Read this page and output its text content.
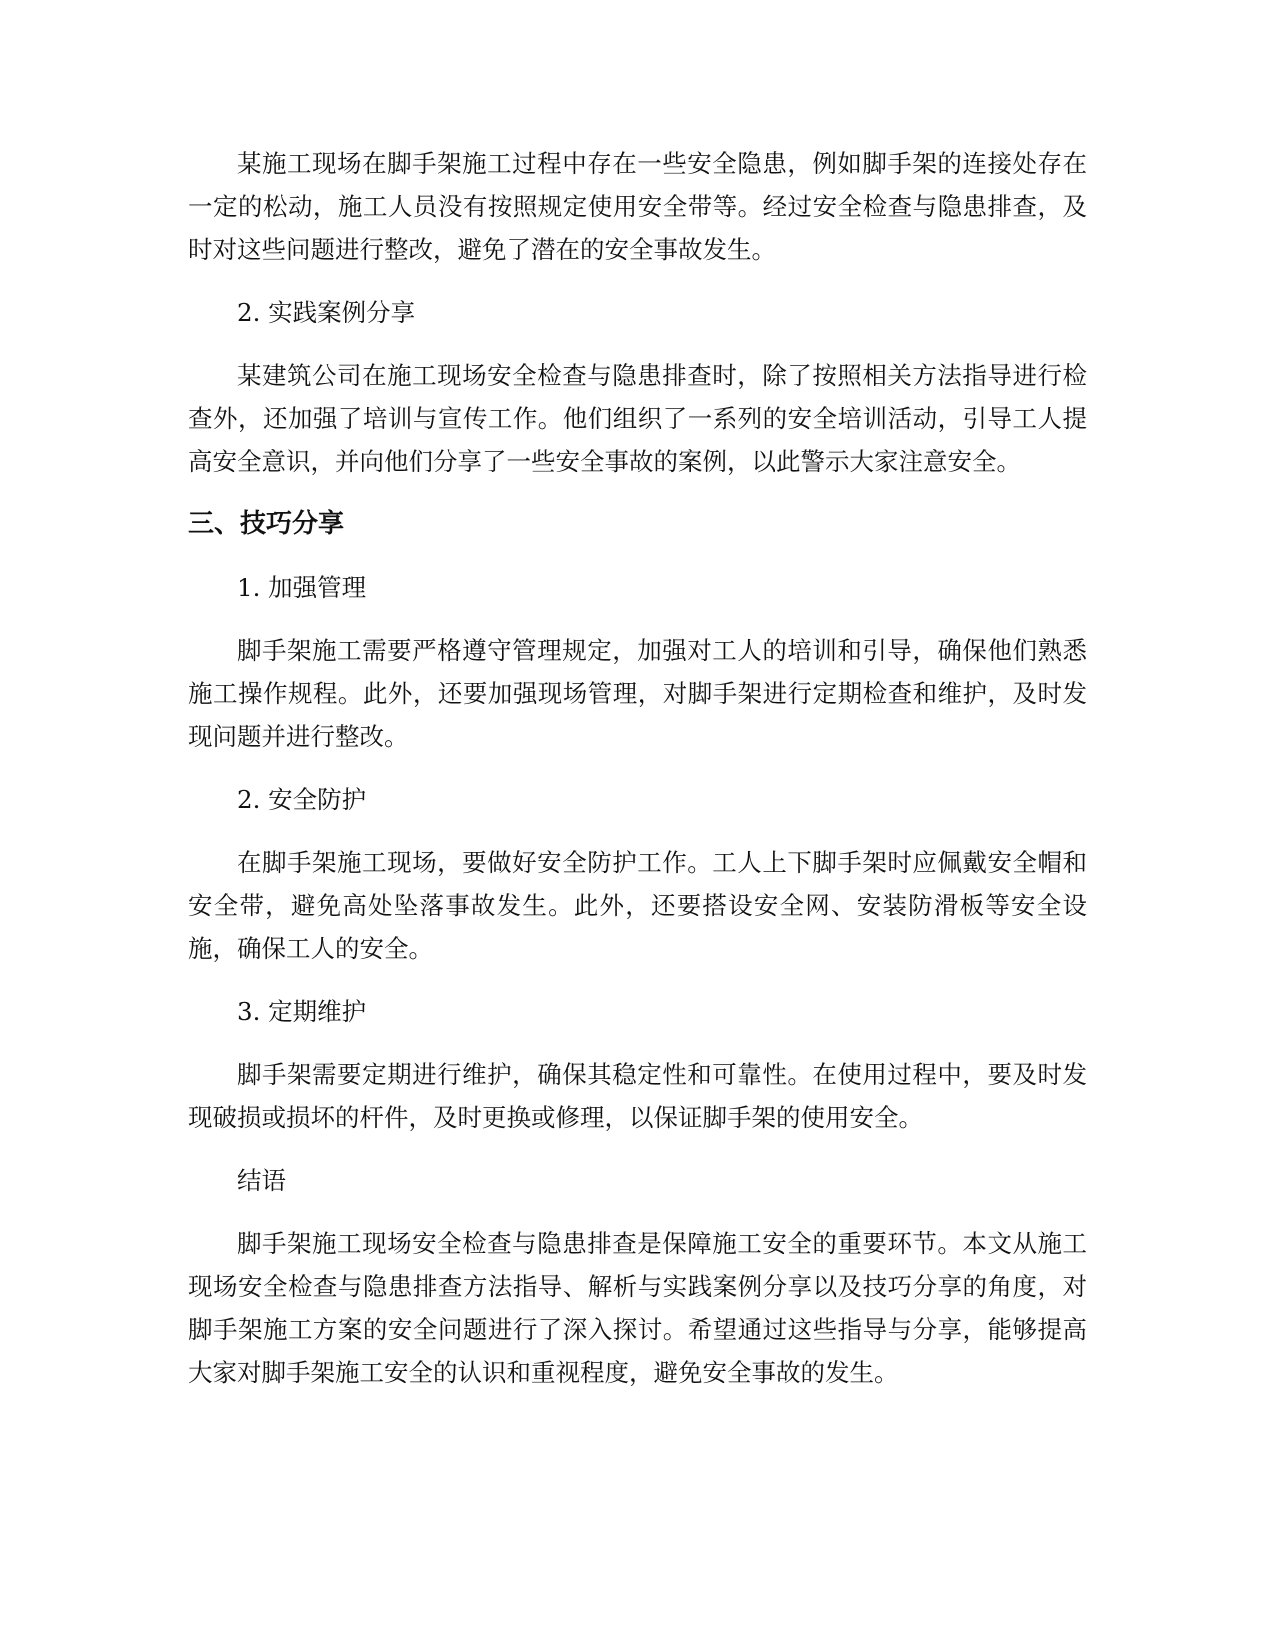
某施工现场在脚手架施工过程中存在一些安全隐患，例如脚手架的连接处存在一定的松动，施工人员没有按照规定使用安全带等。经过安全检查与隐患排查，及时对这些问题进行整改，避免了潜在的安全事故发生。

2. 实践案例分享

某建筑公司在施工现场安全检查与隐患排查时，除了按照相关方法指导进行检查外，还加强了培训与宣传工作。他们组织了一系列的安全培训活动，引导工人提高安全意识，并向他们分享了一些安全事故的案例，以此警示大家注意安全。

三、技巧分享

1. 加强管理

脚手架施工需要严格遵守管理规定，加强对工人的培训和引导，确保他们熟悉施工操作规程。此外，还要加强现场管理，对脚手架进行定期检查和维护，及时发现问题并进行整改。

2. 安全防护

在脚手架施工现场，要做好安全防护工作。工人上下脚手架时应佩戴安全帽和安全带，避免高处坠落事故发生。此外，还要搭设安全网、安装防滑板等安全设施，确保工人的安全。

3. 定期维护

脚手架需要定期进行维护，确保其稳定性和可靠性。在使用过程中，要及时发现破损或损坏的杆件，及时更换或修理，以保证脚手架的使用安全。

结语

脚手架施工现场安全检查与隐患排查是保障施工安全的重要环节。本文从施工现场安全检查与隐患排查方法指导、解析与实践案例分享以及技巧分享的角度，对脚手架施工方案的安全问题进行了深入探讨。希望通过这些指导与分享，能够提高大家对脚手架施工安全的认识和重视程度，避免安全事故的发生。
